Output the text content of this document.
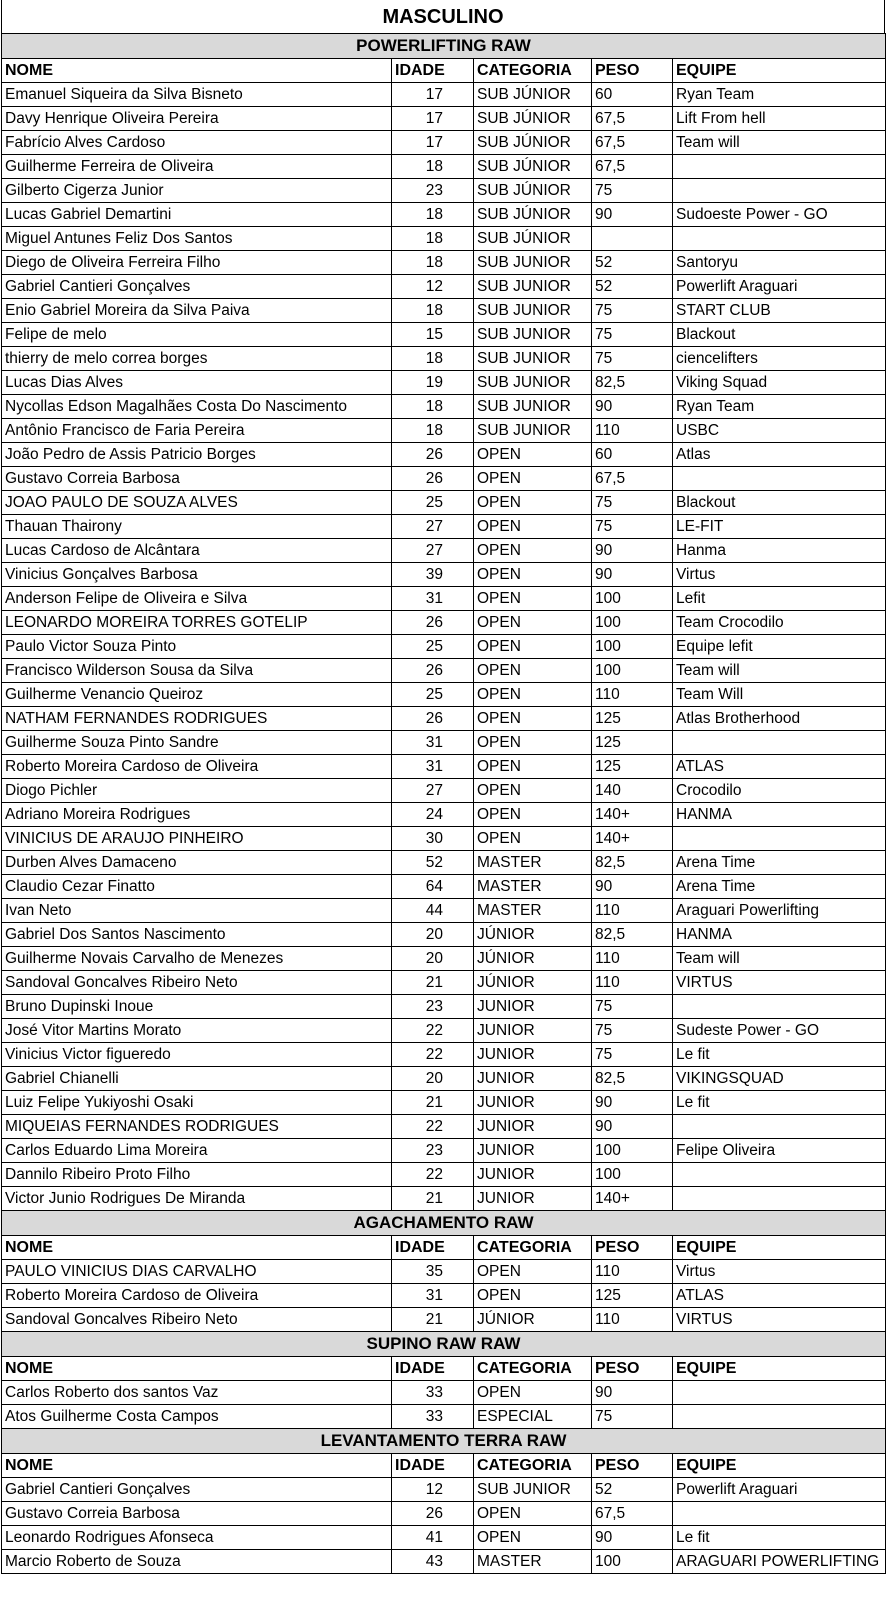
MASCULINO
POWERLIFTING RAW				
NOME	IDADE	CATEGORIA	PESO	EQUIPE
Emanuel Siqueira da Silva Bisneto	17	SUB JÚNIOR	60	Ryan Team
Davy Henrique Oliveira Pereira	17	SUB JÚNIOR	67,5	Lift From hell
Fabrício Alves Cardoso	17	SUB JÚNIOR	67,5	Team will
Guilherme Ferreira de Oliveira	18	SUB JÚNIOR	67,5	
Gilberto Cigerza Junior	23	SUB JÚNIOR	75	
Lucas Gabriel Demartini	18	SUB JÚNIOR	90	Sudoeste Power - GO
Miguel Antunes Feliz Dos Santos	18	SUB JÚNIOR		
Diego de Oliveira Ferreira Filho	18	SUB JUNIOR	52	Santoryu
Gabriel Cantieri Gonçalves	12	SUB JUNIOR	52	Powerlift Araguari
Enio Gabriel Moreira da Silva Paiva	18	SUB JUNIOR	75	START CLUB
Felipe de melo	15	SUB JUNIOR	75	Blackout
thierry de melo correa borges	18	SUB JUNIOR	75	ciencelifters
Lucas Dias Alves	19	SUB JUNIOR	82,5	Viking Squad
Nycollas Edson Magalhães Costa Do Nascimento	18	SUB JUNIOR	90	Ryan Team
Antônio Francisco de Faria Pereira	18	SUB JUNIOR	110	USBC
João Pedro de Assis Patricio Borges	26	OPEN	60	Atlas
Gustavo Correia Barbosa	26	OPEN	67,5	
JOAO PAULO DE SOUZA ALVES	25	OPEN	75	Blackout
Thauan Thairony	27	OPEN	75	LE-FIT
Lucas Cardoso de Alcântara	27	OPEN	90	Hanma
Vinicius Gonçalves Barbosa	39	OPEN	90	Virtus
Anderson Felipe de Oliveira e Silva	31	OPEN	100	Lefit
LEONARDO MOREIRA TORRES GOTELIP	26	OPEN	100	Team Crocodilo
Paulo Victor Souza Pinto	25	OPEN	100	Equipe lefit
Francisco Wilderson Sousa da Silva	26	OPEN	100	Team will
Guilherme Venancio Queiroz	25	OPEN	110	Team Will
NATHAM FERNANDES RODRIGUES	26	OPEN	125	Atlas Brotherhood
Guilherme Souza Pinto Sandre	31	OPEN	125	
Roberto Moreira Cardoso de Oliveira	31	OPEN	125	ATLAS
Diogo Pichler	27	OPEN	140	Crocodilo
Adriano Moreira Rodrigues	24	OPEN	140+	HANMA
VINICIUS DE ARAUJO PINHEIRO	30	OPEN	140+	
Durben Alves Damaceno	52	MASTER	82,5	Arena Time
Claudio Cezar Finatto	64	MASTER	90	Arena Time
Ivan Neto	44	MASTER	110	Araguari Powerlifting
Gabriel Dos Santos Nascimento	20	JÚNIOR	82,5	HANMA
Guilherme Novais Carvalho de Menezes	20	JÚNIOR	110	Team will
Sandoval Goncalves Ribeiro Neto	21	JÚNIOR	110	VIRTUS
Bruno Dupinski Inoue	23	JUNIOR	75	
José Vitor Martins Morato	22	JUNIOR	75	Sudeste Power - GO
Vinicius Victor figueredo	22	JUNIOR	75	Le fit
Gabriel Chianelli	20	JUNIOR	82,5	VIKINGSQUAD
Luiz Felipe Yukiyoshi Osaki	21	JUNIOR	90	Le fit
MIQUEIAS FERNANDES RODRIGUES	22	JUNIOR	90	
Carlos Eduardo Lima Moreira	23	JUNIOR	100	Felipe Oliveira
Dannilo Ribeiro Proto Filho	22	JUNIOR	100	
Victor Junio Rodrigues De Miranda	21	JUNIOR	140+	
AGACHAMENTO RAW				
NOME	IDADE	CATEGORIA	PESO	EQUIPE
PAULO VINICIUS DIAS CARVALHO	35	OPEN	110	Virtus
Roberto Moreira Cardoso de Oliveira	31	OPEN	125	ATLAS
Sandoval Goncalves Ribeiro Neto	21	JÚNIOR	110	VIRTUS
SUPINO RAW RAW				
NOME	IDADE	CATEGORIA	PESO	EQUIPE
Carlos Roberto dos santos Vaz	33	OPEN	90	
Atos Guilherme Costa Campos	33	ESPECIAL	75	
LEVANTAMENTO TERRA RAW				
NOME	IDADE	CATEGORIA	PESO	EQUIPE
Gabriel Cantieri Gonçalves	12	SUB JUNIOR	52	Powerlift Araguari
Gustavo Correia Barbosa	26	OPEN	67,5	
Leonardo Rodrigues Afonseca	41	OPEN	90	Le fit
Marcio Roberto de Souza	43	MASTER	100	ARAGUARI POWERLIFTING
